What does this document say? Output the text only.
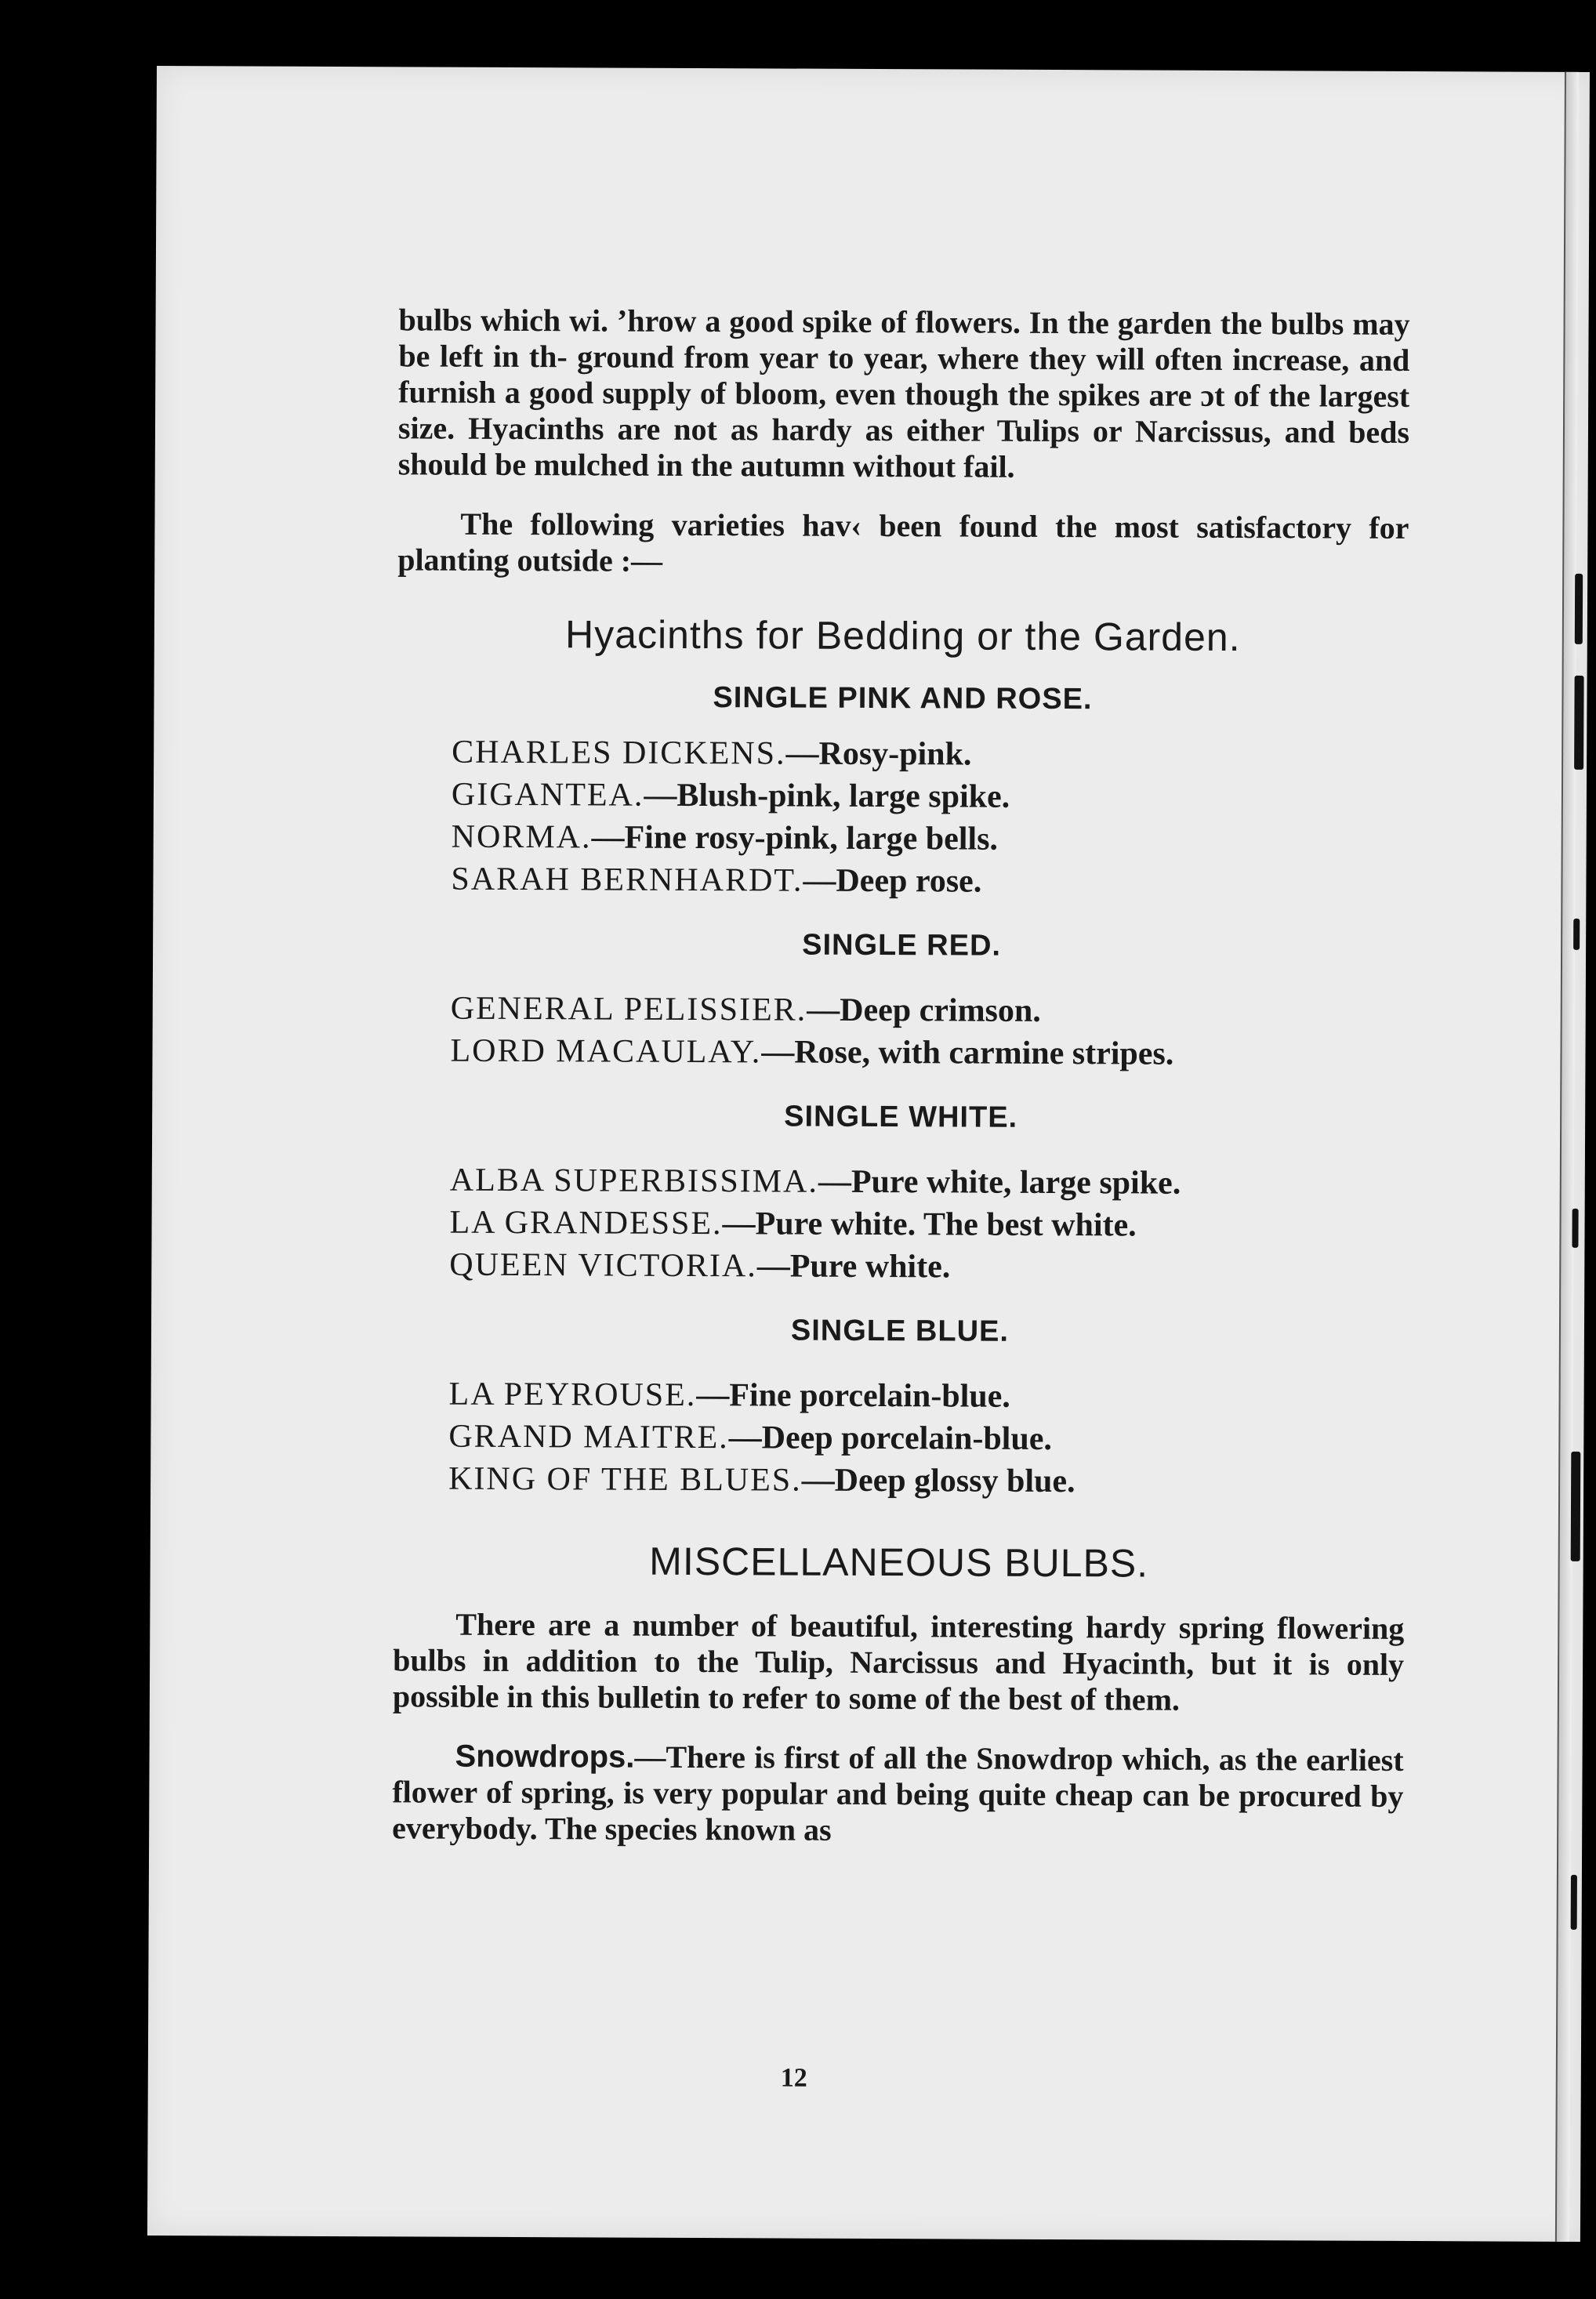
bulbs which wi. ’hrow a good spike of flowers. In the garden the bulbs may be left in th- ground from year to year, where they will often increase, and furnish a good supply of bloom, even though the spikes are ɔt of the largest size. Hyacinths are not as hardy as either Tulips or Narcissus, and beds should be mulched in the autumn without fail.

The following varieties hav‹ been found the most satisfactory for planting outside :—

Hyacinths for Bedding or the Garden.
SINGLE PINK AND ROSE.
CHARLES DICKENS.—Rosy-pink.
GIGANTEA.—Blush-pink, large spike.
NORMA.—Fine rosy-pink, large bells.
SARAH BERNHARDT.—Deep rose.
SINGLE RED.
GENERAL PELISSIER.—Deep crimson.
LORD MACAULAY.—Rose, with carmine stripes.
SINGLE WHITE.
ALBA SUPERBISSIMA.—Pure white, large spike.
LA GRANDESSE.—Pure white. The best white.
QUEEN VICTORIA.—Pure white.
SINGLE BLUE.
LA PEYROUSE.—Fine porcelain-blue.
GRAND MAITRE.—Deep porcelain-blue.
KING OF THE BLUES.—Deep glossy blue.
MISCELLANEOUS BULBS.

There are a number of beautiful, interesting hardy spring flowering bulbs in addition to the Tulip, Narcissus and Hyacinth, but it is only possible in this bulletin to refer to some of the best of them.

Snowdrops.—There is first of all the Snowdrop which, as the earliest flower of spring, is very popular and being quite cheap can be procured by everybody. The species known as

12
